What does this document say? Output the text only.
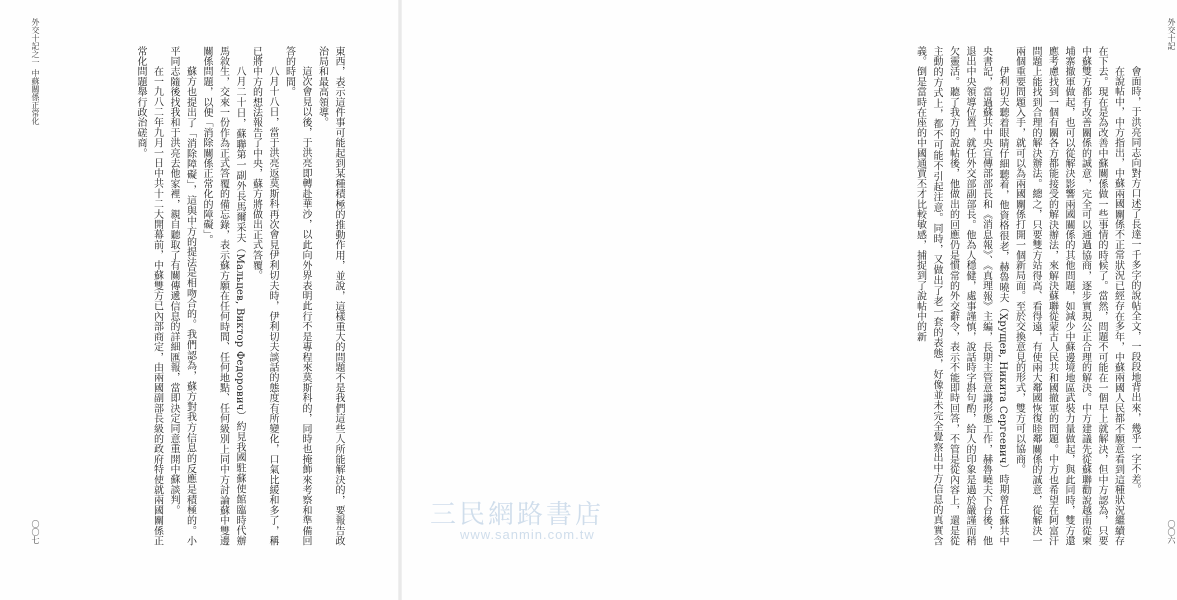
外交十記之一 中蘇關係正常化	東西，表示這件事可能起到某種積極的推動作用，並說，這樣重大的問題不是我們這些人所能解決的，要報告政治局和最高領導。

這次會見以後，于洪亮即轉赴華沙，以此向外界表明此行不是專程來莫斯科的，同時也掩飾來考察和準備回答的時間。

八月十八日，當于洪亮返莫斯科再次會見伊利切夫時，伊利切夫談話的態度有所變化，口氣比緩和多了，稱已將中方的想法報告了中央，蘇方將做出正式答覆。

八月二十日，蘇聯第一副外長馬爾采夫（Мальцев, Виктор Федорович）約見我國駐蘇使館臨時代辦馬敘生，交來一份作為正式答覆的備忘錄，表示蘇方願在任何時間、任何地點、任何級別上同中方討論蘇中雙邊關係問題，以便「消除關係正常化的障礙」。

蘇方也提出了「消除障礙」，這與中方的提法是相吻合的。我們認為，蘇方對我方信息的反應是積極的。小平同志隨後找我和于洪亮去他家裡，親自聽取了有關傳遞信息的詳細匯報，當即決定同意重開中蘇談判。

在一九八二年九月一日中共十二大開幕前，中蘇雙方已內部商定，由兩國副部長級的政府特使就兩國關係正常化問題舉行政治磋商。

〇〇七
外交十記

會面時，于洪亮同志向對方口述了長達一千多字的說帖全文，一段段地背出來，幾乎一字不差。

在說帖中，中方指出，中蘇兩國關係不正常狀況已經存在多年，中蘇兩國人民都不願意看到這種狀況繼續存在下去。現在是為改善中蘇關係做一些事情的時候了。當然，問題不可能在一個早上就解決，但中方認為，只要中蘇雙方都有改善關係的誠意，完全可以通過協商，逐步實現公正合理的解決。中方建議先從蘇聯勸說越南從柬埔寨撤軍做起，也可以從解決影響兩國關係的其他問題，如減少中蘇邊境地區武裝力量做起，與此同時，雙方還應考慮找到一個有關各方都能接受的解決辦法，來解決蘇聯從蒙古人民共和國撤軍的問題。中方也希望在阿富汗問題上能找到合理的解決辦法。總之，只要雙方站得高、看得遠，有使兩大鄰國恢復睦鄰關係的誠意，從解決一兩個重要問題入手，就可以為兩國關係打開一個新局面。至於交換意見的形式，雙方可以協商。

伊利切夫聽着眼睛仔細聽着，他資格很老，赫魯曉夫（Хрущев, Никита Сергеевич）時期曾任蘇共中央書記，當過蘇共中央宣傳部部長和《消息報》、《真理報》主編，長期主管意識形態工作，赫魯曉夫下台後，他退出中央領導位置，就任外交部副部長。他為人穩健，處事謹慎，說話時字斟句酌，給人的印象是過於嚴謹而稍欠靈活。聽了我方的說帖後，他做出的回應仍是慣常的外交辭令，表示不能即時回答，不管是從內容上，還是從主動的方式上，都不可能不引起注意。同時，又做出了老一套的表態，好像並未完全覺察出中方信息的真實含義。倒是當時在座的中國通賈丕才比較敏感，捕捉到了說帖中的新

〇〇六
三民網路書店
www.sanmin.com.tw
